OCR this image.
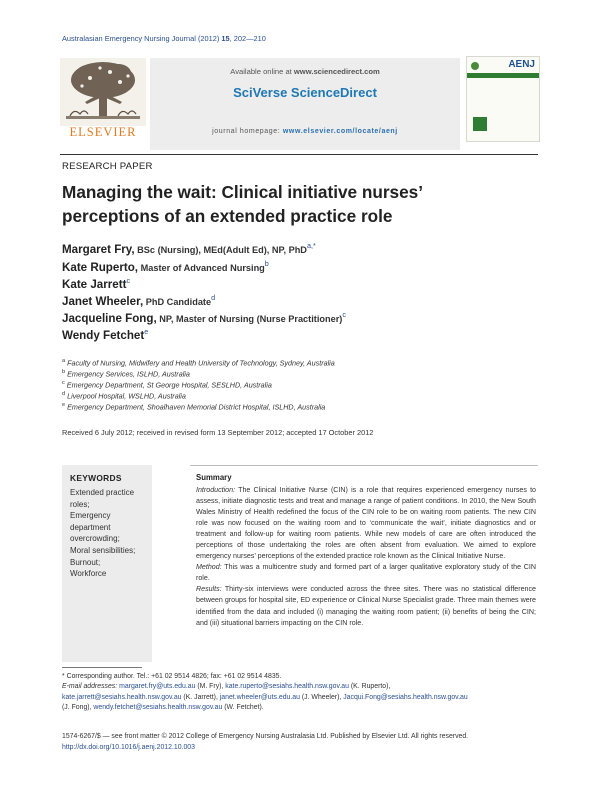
Australasian Emergency Nursing Journal (2012) 15, 202—210
ELSEVIER
Available online at www.sciencedirect.com
SciVerse ScienceDirect
journal homepage: www.elsevier.com/locate/aenj
AENJ
RESEARCH PAPER
Managing the wait: Clinical initiative nurses’
perceptions of an extended practice role
Margaret Fry, BSc (Nursing), MEd(Adult Ed), NP, PhD$^{a,*}$
Kate Ruperto, Master of Advanced Nursing$^b$
Kate Jarrett$^c$
Janet Wheeler, PhD Candidate$^d$
Jacqueline Fong, NP, Master of Nursing (Nurse Practitioner)$^c$
Wendy Fetchet$^e$
$^a$ Faculty of Nursing, Midwifery and Health University of Technology, Sydney, Australia
$^b$ Emergency Services, ISLHD, Australia
$^c$ Emergency Department, St George Hospital, SESLHD, Australia
$^d$ Liverpool Hospital, WSLHD, Australia
$^e$ Emergency Department, Shoalhaven Memorial District Hospital, ISLHD, Australia
Received 6 July 2012; received in revised form 13 September 2012; accepted 17 October 2012
KEYWORDS
Extended practice roles;
Emergency department overcrowding;
Moral sensibilities;
Burnout;
Workforce
Summary

Introduction: The Clinical Initiative Nurse (CIN) is a role that requires experienced emergency nurses to assess, initiate diagnostic tests and treat and manage a range of patient conditions. In 2010, the New South Wales Ministry of Health redefined the focus of the CIN role to be on waiting room patients. The new CIN role was now focused on the waiting room and to ‘communicate the wait’, initiate diagnostics and or treatment and follow-up for waiting room patients. While new models of care are often introduced the perceptions of those undertaking the roles are often absent from evaluation. We aimed to explore emergency nurses’ perceptions of the extended practice role known as the Clinical Initiative Nurse.

Method: This was a multicentre study and formed part of a larger qualitative exploratory study of the CIN role.

Results: Thirty-six interviews were conducted across the three sites. There was no statistical difference between groups for hospital site, ED experience or Clinical Nurse Specialist grade. Three main themes were identified from the data and included (i) managing the waiting room patient; (ii) benefits of being the CIN; and (iii) situational barriers impacting on the CIN role.

* Corresponding author. Tel.: +61 02 9514 4826; fax: +61 02 9514 4835.

E-mail addresses: margaret.fry@uts.edu.au (M. Fry), kate.ruperto@sesiahs.health.nsw.gov.au (K. Ruperto),

kate.jarrett@sesiahs.health.nsw.gov.au (K. Jarrett), janet.wheeler@uts.edu.au (J. Wheeler), Jacqui.Fong@sesiahs.health.nsw.gov.au

(J. Fong), wendy.fetchet@sesiahs.health.nsw.gov.au (W. Fetchet).

1574-6267/$ — see front matter © 2012 College of Emergency Nursing Australasia Ltd. Published by Elsevier Ltd. All rights reserved.

http://dx.doi.org/10.1016/j.aenj.2012.10.003
